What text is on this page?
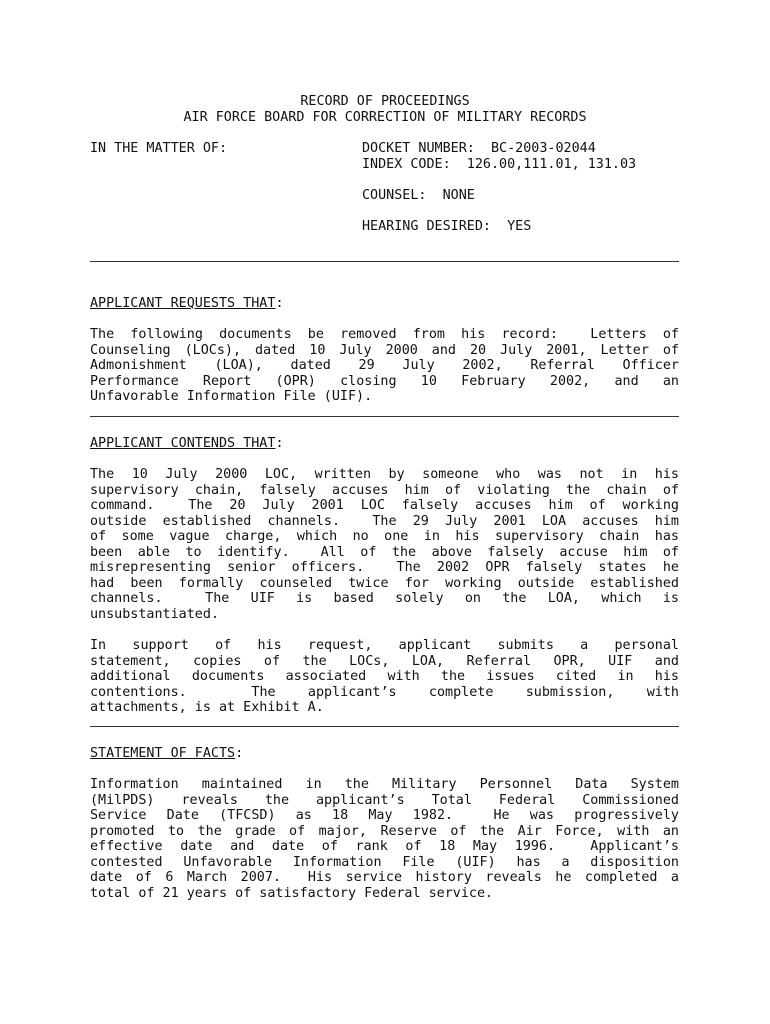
RECORD OF PROCEEDINGS
AIR FORCE BOARD FOR CORRECTION OF MILITARY RECORDS
IN THE MATTER OF:	DOCKET NUMBER:  BC-2003-02044
INDEX CODE:  126.00,111.01, 131.03
COUNSEL:  NONE
HEARING DESIRED:  YES
APPLICANT REQUESTS THAT:
The following documents be removed from his record:  Letters of
Counseling (LOCs), dated 10 July 2000 and 20 July 2001, Letter of
Admonishment (LOA), dated 29 July 2002, Referral Officer
Performance Report (OPR) closing 10 February 2002, and an
Unfavorable Information File (UIF).
APPLICANT CONTENDS THAT:
The 10 July 2000 LOC, written by someone who was not in his
supervisory chain, falsely accuses him of violating the chain of
command.  The 20 July 2001 LOC falsely accuses him of working
outside established channels.  The 29 July 2001 LOA accuses him
of some vague charge, which no one in his supervisory chain has
been able to identify.  All of the above falsely accuse him of
misrepresenting senior officers.  The 2002 OPR falsely states he
had been formally counseled twice for working outside established
channels.  The UIF is based solely on the LOA, which is
unsubstantiated.
In support of his request, applicant submits a personal
statement, copies of the LOCs, LOA, Referral OPR, UIF and
additional documents associated with the issues cited in his
contentions.  The applicant’s complete submission, with
attachments, is at Exhibit A.
STATEMENT OF FACTS:
Information maintained in the Military Personnel Data System
(MilPDS) reveals the applicant’s Total Federal Commissioned
Service Date (TFCSD) as 18 May 1982.  He was progressively
promoted to the grade of major, Reserve of the Air Force, with an
effective date and date of rank of 18 May 1996.  Applicant’s
contested Unfavorable Information File (UIF) has a disposition
date of 6 March 2007.  His service history reveals he completed a
total of 21 years of satisfactory Federal service.
